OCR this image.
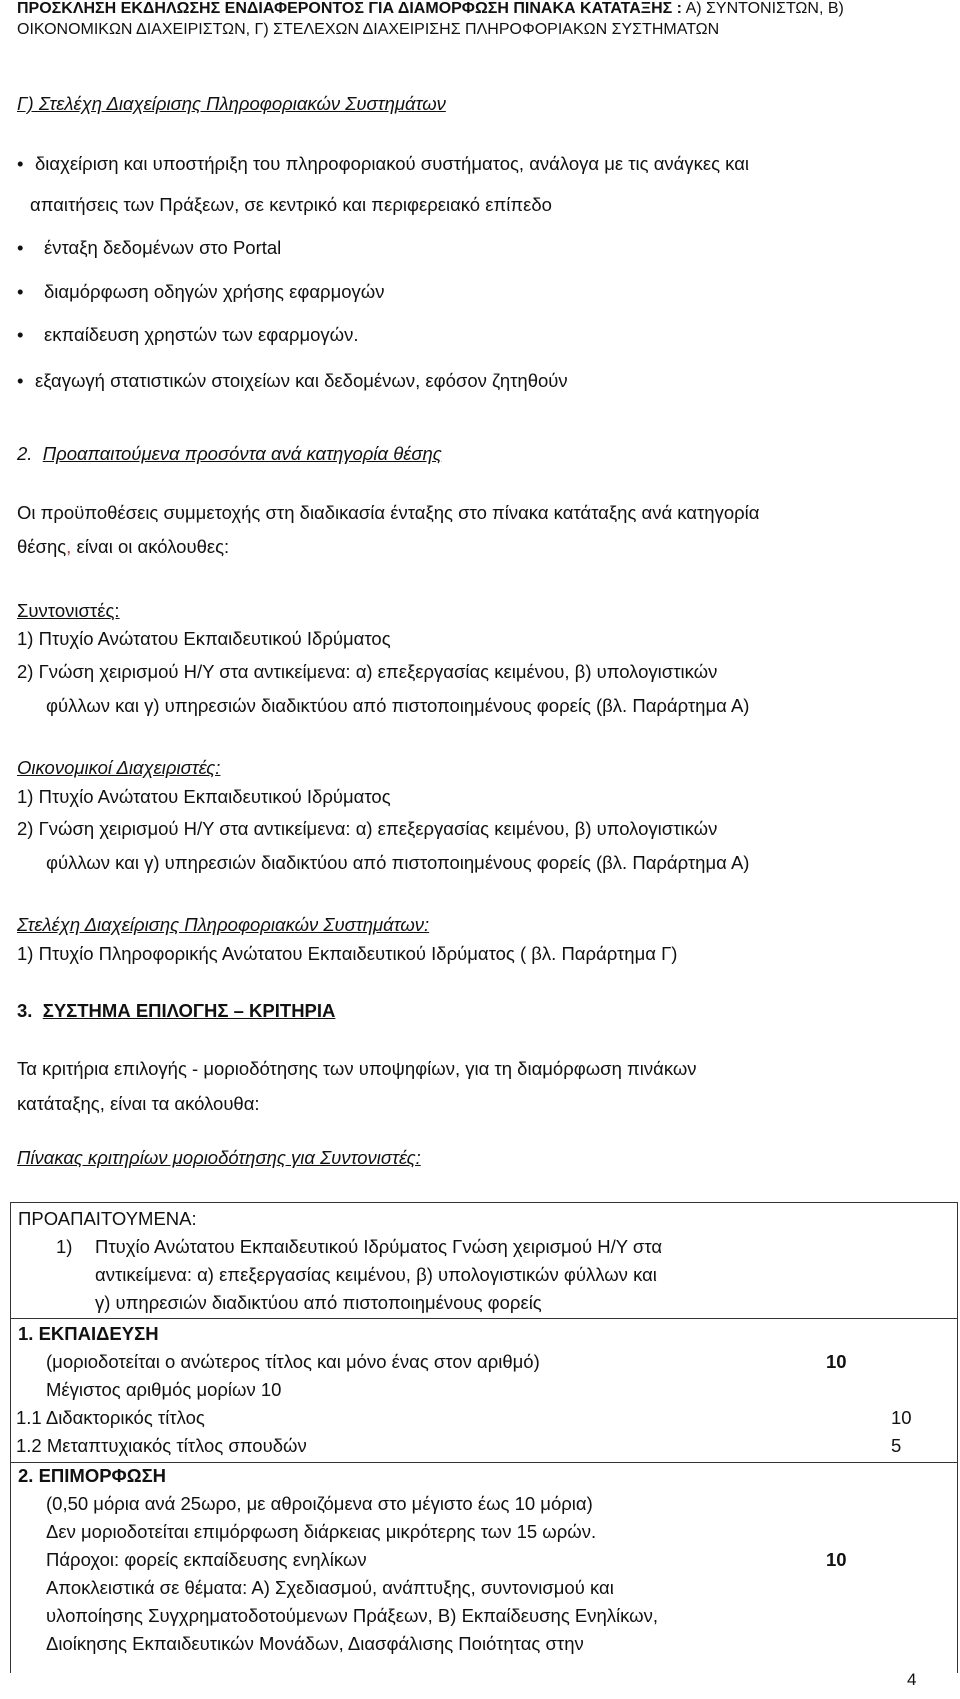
ΠΡΟΣΚΛΗΣΗ ΕΚΔΗΛΩΣΗΣ ΕΝΔΙΑΦΕΡΟΝΤΟΣ ΓΙΑ ΔΙΑΜΟΡΦΩΣΗ ΠΙΝΑΚΑ ΚΑΤΑΤΑΞΗΣ : Α) ΣΥΝΤΟΝΙΣΤΩΝ, Β)
ΟΙΚΟΝΟΜΙΚΩΝ ΔΙΑΧΕΙΡΙΣΤΩΝ, Γ) ΣΤΕΛΕΧΩΝ ΔΙΑΧΕΙΡΙΣΗΣ ΠΛΗΡΟΦΟΡΙΑΚΩΝ ΣΥΣΤΗΜΑΤΩΝ
Γ) Στελέχη Διαχείρισης Πληροφοριακών Συστημάτων
• διαχείριση και υποστήριξη του πληροφοριακού συστήματος, ανάλογα με τις ανάγκες και
απαιτήσεις των Πράξεων, σε κεντρικό και περιφερειακό επίπεδο
• ένταξη δεδομένων στο Portal
• διαμόρφωση οδηγών χρήσης εφαρμογών
• εκπαίδευση χρηστών των εφαρμογών.
• εξαγωγή στατιστικών στοιχείων και δεδομένων, εφόσον ζητηθούν
2. Προαπαιτούμενα προσόντα ανά κατηγορία θέσης
Οι προϋποθέσεις συμμετοχής στη διαδικασία ένταξης στο πίνακα κατάταξης ανά κατηγορία
θέσης, είναι οι ακόλουθες:
Συντονιστές:
1) Πτυχίο Ανώτατου Εκπαιδευτικού Ιδρύματος
2) Γνώση χειρισμού Η/Υ στα αντικείμενα: α) επεξεργασίας κειμένου, β) υπολογιστικών
φύλλων και γ) υπηρεσιών διαδικτύου από πιστοποιημένους φορείς (βλ. Παράρτημα Α)
Οικονομικοί Διαχειριστές:
1) Πτυχίο Ανώτατου Εκπαιδευτικού Ιδρύματος
2) Γνώση χειρισμού Η/Υ στα αντικείμενα: α) επεξεργασίας κειμένου, β) υπολογιστικών
φύλλων και γ) υπηρεσιών διαδικτύου από πιστοποιημένους φορείς (βλ. Παράρτημα Α)
Στελέχη Διαχείρισης Πληροφοριακών Συστημάτων:
1) Πτυχίο Πληροφορικής Ανώτατου Εκπαιδευτικού Ιδρύματος ( βλ. Παράρτημα Γ)
3. ΣΥΣΤΗΜΑ ΕΠΙΛΟΓΗΣ – ΚΡΙΤΗΡΙΑ
Τα κριτήρια επιλογής - μοριοδότησης των υποψηφίων, για τη διαμόρφωση πινάκων
κατάταξης, είναι τα ακόλουθα:
Πίνακας κριτηρίων μοριοδότησης για Συντονιστές:
ΠΡΟΑΠΑΙΤΟΥΜΕΝΑ:
1) Πτυχίο Ανώτατου Εκπαιδευτικού Ιδρύματος Γνώση χειρισμού Η/Υ στα
αντικείμενα: α) επεξεργασίας κειμένου, β) υπολογιστικών φύλλων και
γ) υπηρεσιών διαδικτύου από πιστοποιημένους φορείς

1. ΕΚΠΑΙΔΕΥΣΗ
(μοριοδοτείται ο ανώτερος τίτλος και μόνο ένας στον αριθμό)	10
Μέγιστος αριθμός μορίων 10
1.1 Διδακτορικός τίτλος	10
1.2 Μεταπτυχιακός τίτλος σπουδών	5

2. ΕΠΙΜΟΡΦΩΣΗ
(0,50 μόρια ανά 25ωρο, με αθροιζόμενα στο μέγιστο έως 10 μόρια)
Δεν μοριοδοτείται επιμόρφωση διάρκειας μικρότερης των 15 ωρών.
Πάροχοι: φορείς εκπαίδευσης ενηλίκων	10
Αποκλειστικά σε θέματα: Α) Σχεδιασμού, ανάπτυξης, συντονισμού και
υλοποίησης Συγχρηματοδοτούμενων Πράξεων, Β) Εκπαίδευσης Ενηλίκων,
Διοίκησης Εκπαιδευτικών Μονάδων, Διασφάλισης Ποιότητας στην
4
